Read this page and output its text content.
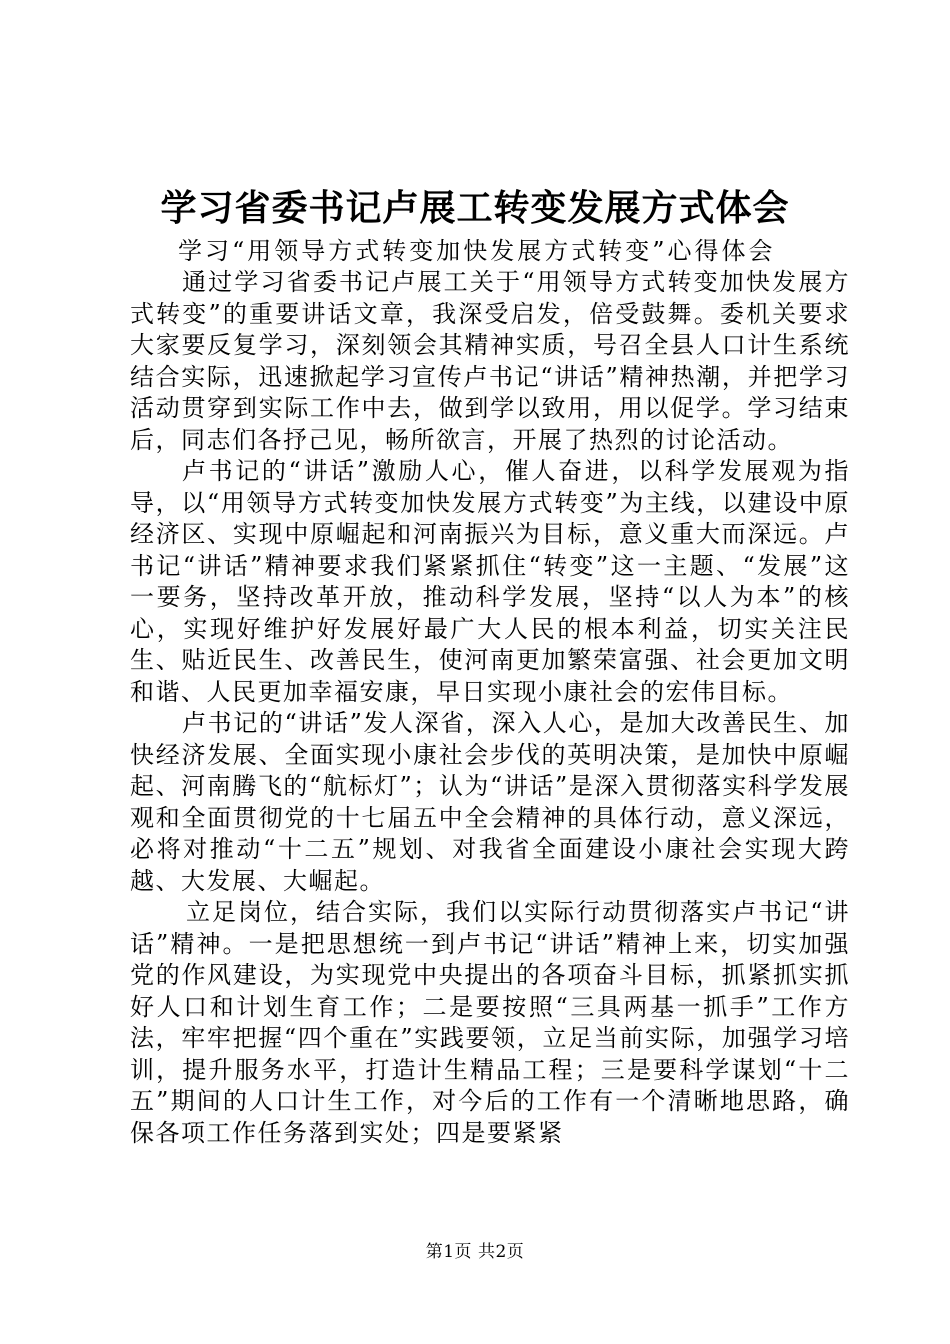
学习省委书记卢展工转变发展方式体会
学习“用领导方式转变加快发展方式转变”心得体会

通过学习省委书记卢展工关于“用领导方式转变加快发展方式转变”的重要讲话文章，我深受启发，倍受鼓舞。委机关要求大家要反复学习，深刻领会其精神实质，号召全县人口计生系统结合实际，迅速掀起学习宣传卢书记“讲话”精神热潮，并把学习活动贯穿到实际工作中去，做到学以致用，用以促学。学习结束后，同志们各抒己见，畅所欲言，开展了热烈的讨论活动。

卢书记的“讲话”激励人心，催人奋进，以科学发展观为指导，以“用领导方式转变加快发展方式转变”为主线，以建设中原经济区、实现中原崛起和河南振兴为目标，意义重大而深远。卢书记“讲话”精神要求我们紧紧抓住“转变”这一主题、“发展”这一要务，坚持改革开放，推动科学发展，坚持“以人为本”的核心，实现好维护好发展好最广大人民的根本利益，切实关注民生、贴近民生、改善民生，使河南更加繁荣富强、社会更加文明和谐、人民更加幸福安康，早日实现小康社会的宏伟目标。

卢书记的“讲话”发人深省，深入人心，是加大改善民生、加快经济发展、全面实现小康社会步伐的英明决策，是加快中原崛起、河南腾飞的“航标灯”；认为“讲话”是深入贯彻落实科学发展观和全面贯彻党的十七届五中全会精神的具体行动，意义深远，必将对推动“十二五”规划、对我省全面建设小康社会实现大跨越、大发展、大崛起。

立足岗位，结合实际，我们以实际行动贯彻落实卢书记“讲话”精神。一是把思想统一到卢书记“讲话”精神上来，切实加强党的作风建设，为实现党中央提出的各项奋斗目标，抓紧抓实抓好人口和计划生育工作；二是要按照“三具两基一抓手”工作方法，牢牢把握“四个重在”实践要领，立足当前实际，加强学习培训，提升服务水平，打造计生精品工程；三是要科学谋划“十二五”期间的人口计生工作，对今后的工作有一个清晰地思路，确保各项工作任务落到实处；四是要紧紧

第1页 共2页
